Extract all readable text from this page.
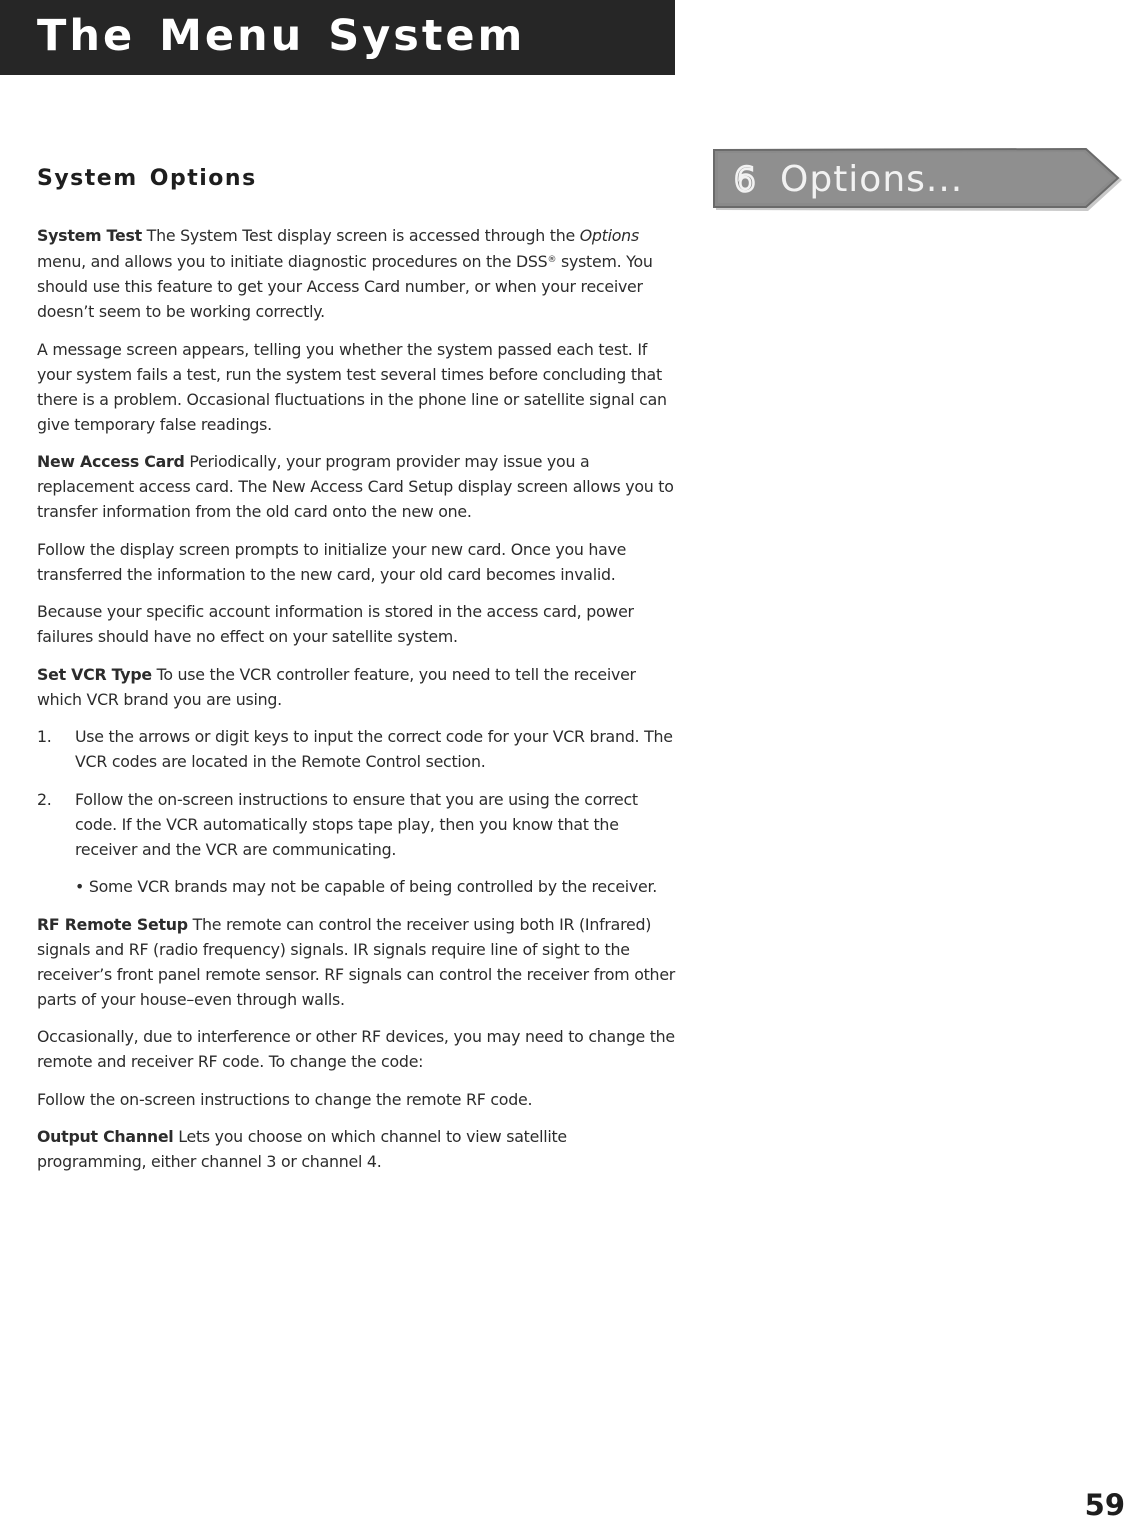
The Menu System
System Options	6 Options...

System Test The System Test display screen is accessed through the Options menu, and allows you to initiate diagnostic procedures on the DSS® system. You should use this feature to get your Access Card number, or when your receiver doesn’t seem to be working correctly.

A message screen appears, telling you whether the system passed each test. If your system fails a test, run the system test several times before concluding that there is a problem. Occasional fluctuations in the phone line or satellite signal can give temporary false readings.

New Access Card Periodically, your program provider may issue you a replacement access card. The New Access Card Setup display screen allows you to transfer information from the old card onto the new one.

Follow the display screen prompts to initialize your new card. Once you have transferred the information to the new card, your old card becomes invalid.

Because your specific account information is stored in the access card, power failures should have no effect on your satellite system.

Set VCR Type To use the VCR controller feature, you need to tell the receiver which VCR brand you are using.

1. Use the arrows or digit keys to input the correct code for your VCR brand. The VCR codes are located in the Remote Control section.
2. Follow the on-screen instructions to ensure that you are using the correct code. If the VCR automatically stops tape play, then you know that the receiver and the VCR are communicating.
• Some VCR brands may not be capable of being controlled by the receiver.

RF Remote Setup The remote can control the receiver using both IR (Infrared) signals and RF (radio frequency) signals. IR signals require line of sight to the receiver’s front panel remote sensor. RF signals can control the receiver from other parts of your house–even through walls.

Occasionally, due to interference or other RF devices, you may need to change the remote and receiver RF code. To change the code:

Follow the on-screen instructions to change the remote RF code.

Output Channel Lets you choose on which channel to view satellite programming, either channel 3 or channel 4.

59
